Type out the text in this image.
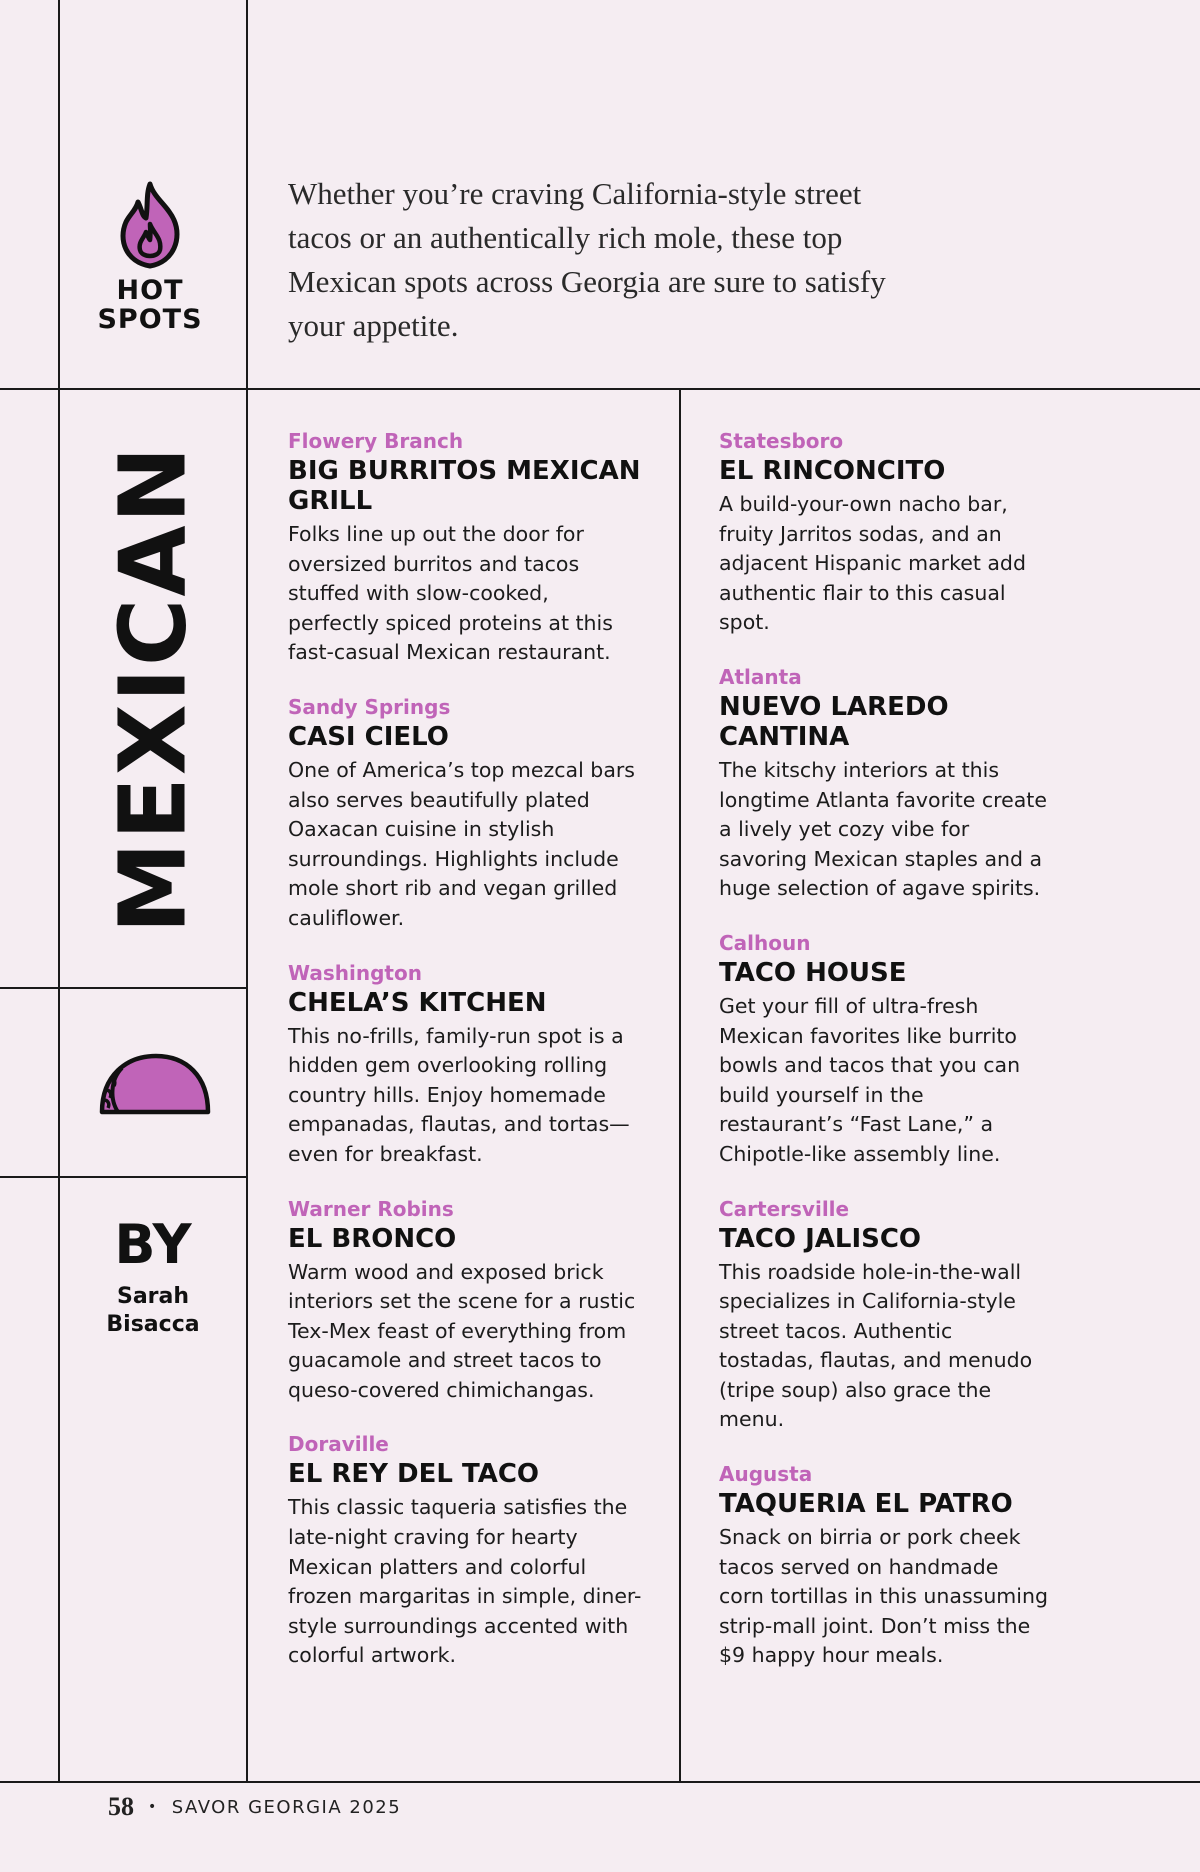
HOT
SPOTS
Whether you’re craving California-style street tacos or an authentically rich mole, these top Mexican spots across Georgia are sure to satisfy your appetite.
MEXICAN
BY
Sarah
Bisacca
Flowery Branch
BIG BURRITOS MEXICAN GRILL
Folks line up out the door for oversized burritos and tacos stuffed with slow-cooked, perfectly spiced proteins at this fast-casual Mexican restaurant.
Sandy Springs
CASI CIELO
One of America’s top mezcal bars also serves beautifully plated Oaxacan cuisine in stylish surroundings. Highlights include mole short rib and vegan grilled cauliflower.
Washington
CHELA’S KITCHEN
This no-frills, family-run spot is a hidden gem overlooking rolling country hills. Enjoy homemade empanadas, flautas, and tortas—even for breakfast.
Warner Robins
EL BRONCO
Warm wood and exposed brick interiors set the scene for a rustic Tex-Mex feast of everything from guacamole and street tacos to queso-covered chimichangas.
Doraville
EL REY DEL TACO
This classic taqueria satisfies the late-night craving for hearty Mexican platters and colorful frozen margaritas in simple, diner-style surroundings accented with colorful artwork.
Statesboro
EL RINCONCITO
A build-your-own nacho bar, fruity Jarritos sodas, and an adjacent Hispanic market add authentic flair to this casual spot.
Atlanta
NUEVO LAREDO CANTINA
The kitschy interiors at this longtime Atlanta favorite create a lively yet cozy vibe for savoring Mexican staples and a huge selection of agave spirits.
Calhoun
TACO HOUSE
Get your fill of ultra-fresh Mexican favorites like burrito bowls and tacos that you can build yourself in the restaurant’s “Fast Lane,” a Chipotle-like assembly line.
Cartersville
TACO JALISCO
This roadside hole-in-the-wall specializes in California-style street tacos. Authentic tostadas, flautas, and menudo (tripe soup) also grace the menu.
Augusta
TAQUERIA EL PATRO
Snack on birria or pork cheek tacos served on handmade corn tortillas in this unassuming strip-mall joint. Don’t miss the $9 happy hour meals.
58 • SAVOR GEORGIA 2025
